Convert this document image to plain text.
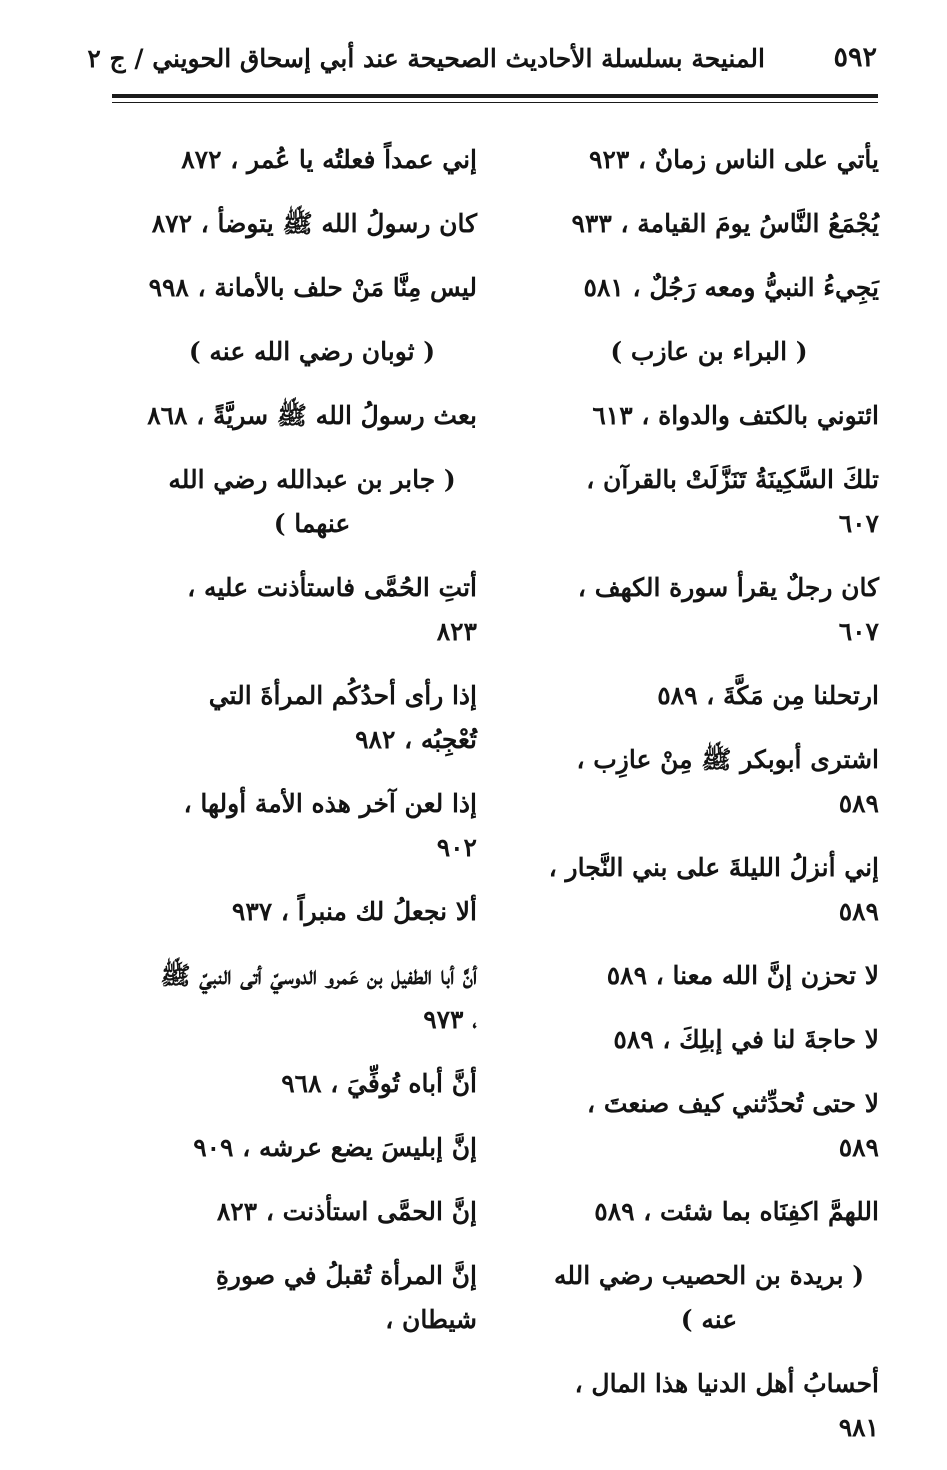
٥٩٢
المنيحة بسلسلة الأحاديث الصحيحة عند أبي إسحاق الحويني / ج ٢
يأتي على الناس زمانٌ ، ٩٢٣
يُجْمَعُ النَّاسُ يومَ القيامة ، ٩٣٣
يَجِيءُ النبيُّ ومعه رَجُلٌ ، ٥٨١
( البراء بن عازب )
ائتوني بالكتف والدواة ، ٦١٣
تلكَ السَّكِينَةُ تَنَزَّلَتْ بالقرآن ، ٦٠٧
كان رجلٌ يقرأ سورة الكهف ، ٦٠٧
ارتحلنا مِن مَكَّةَ ، ٥٨٩
اشترى أبوبكر ﷺ مِنْ عازِب ، ٥٨٩
إني أنزلُ الليلةَ على بني النَّجار ، ٥٨٩
لا تحزن إنَّ الله معنا ، ٥٨٩
لا حاجةَ لنا في إبلِكَ ، ٥٨٩
لا حتى تُحدِّثني كيف صنعتَ ، ٥٨٩
اللهمَّ اكفِنَاه بما شئت ، ٥٨٩
( بريدة بن الحصيب رضي الله عنه )
أحسابُ أهل الدنيا هذا المال ، ٩٨١
إني عمداً فعلتُه يا عُمر ، ٨٧٢
كان رسولُ الله ﷺ يتوضأ ، ٨٧٢
ليس مِنَّا مَنْ حلف بالأمانة ، ٩٩٨
( ثوبان رضي الله عنه )
بعث رسولُ الله ﷺ سريَّةً ، ٨٦٨
( جابر بن عبدالله رضي الله عنهما )
أتتِ الحُمَّى فاستأذنت عليه ، ٨٢٣
إذا رأى أحدُكُم المرأةَ التي تُعْجِبُه ، ٩٨٢
إذا لعن آخر هذه الأمة أولها ، ٩٠٢
ألا نجعلُ لك منبراً ، ٩٣٧
أنَّ أبا الطفيل بن عَمرو الدوسيّ أتى النبيّ ﷺ ، ٩٧٣
أنَّ أباه تُوفِّيَ ، ٩٦٨
إنَّ إبليسَ يضع عرشه ، ٩٠٩
إنَّ الحمَّى استأذنت ، ٨٢٣
إنَّ المرأة تُقبلُ في صورةِ شيطان ،
